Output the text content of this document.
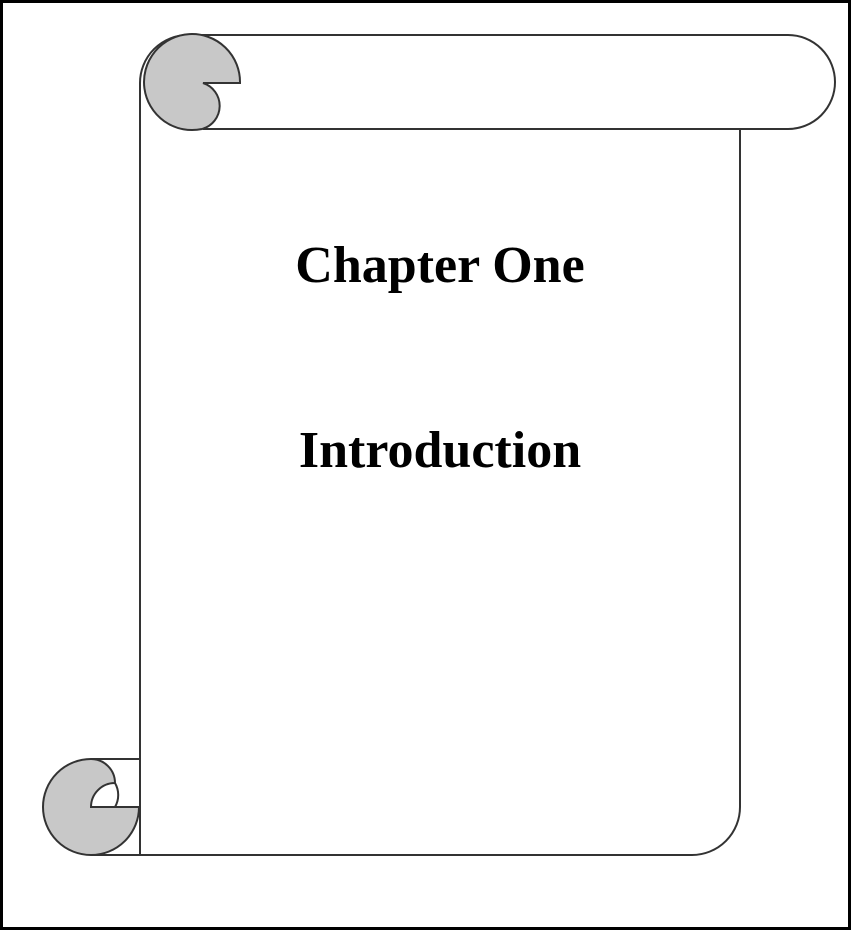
Chapter One
Introduction
